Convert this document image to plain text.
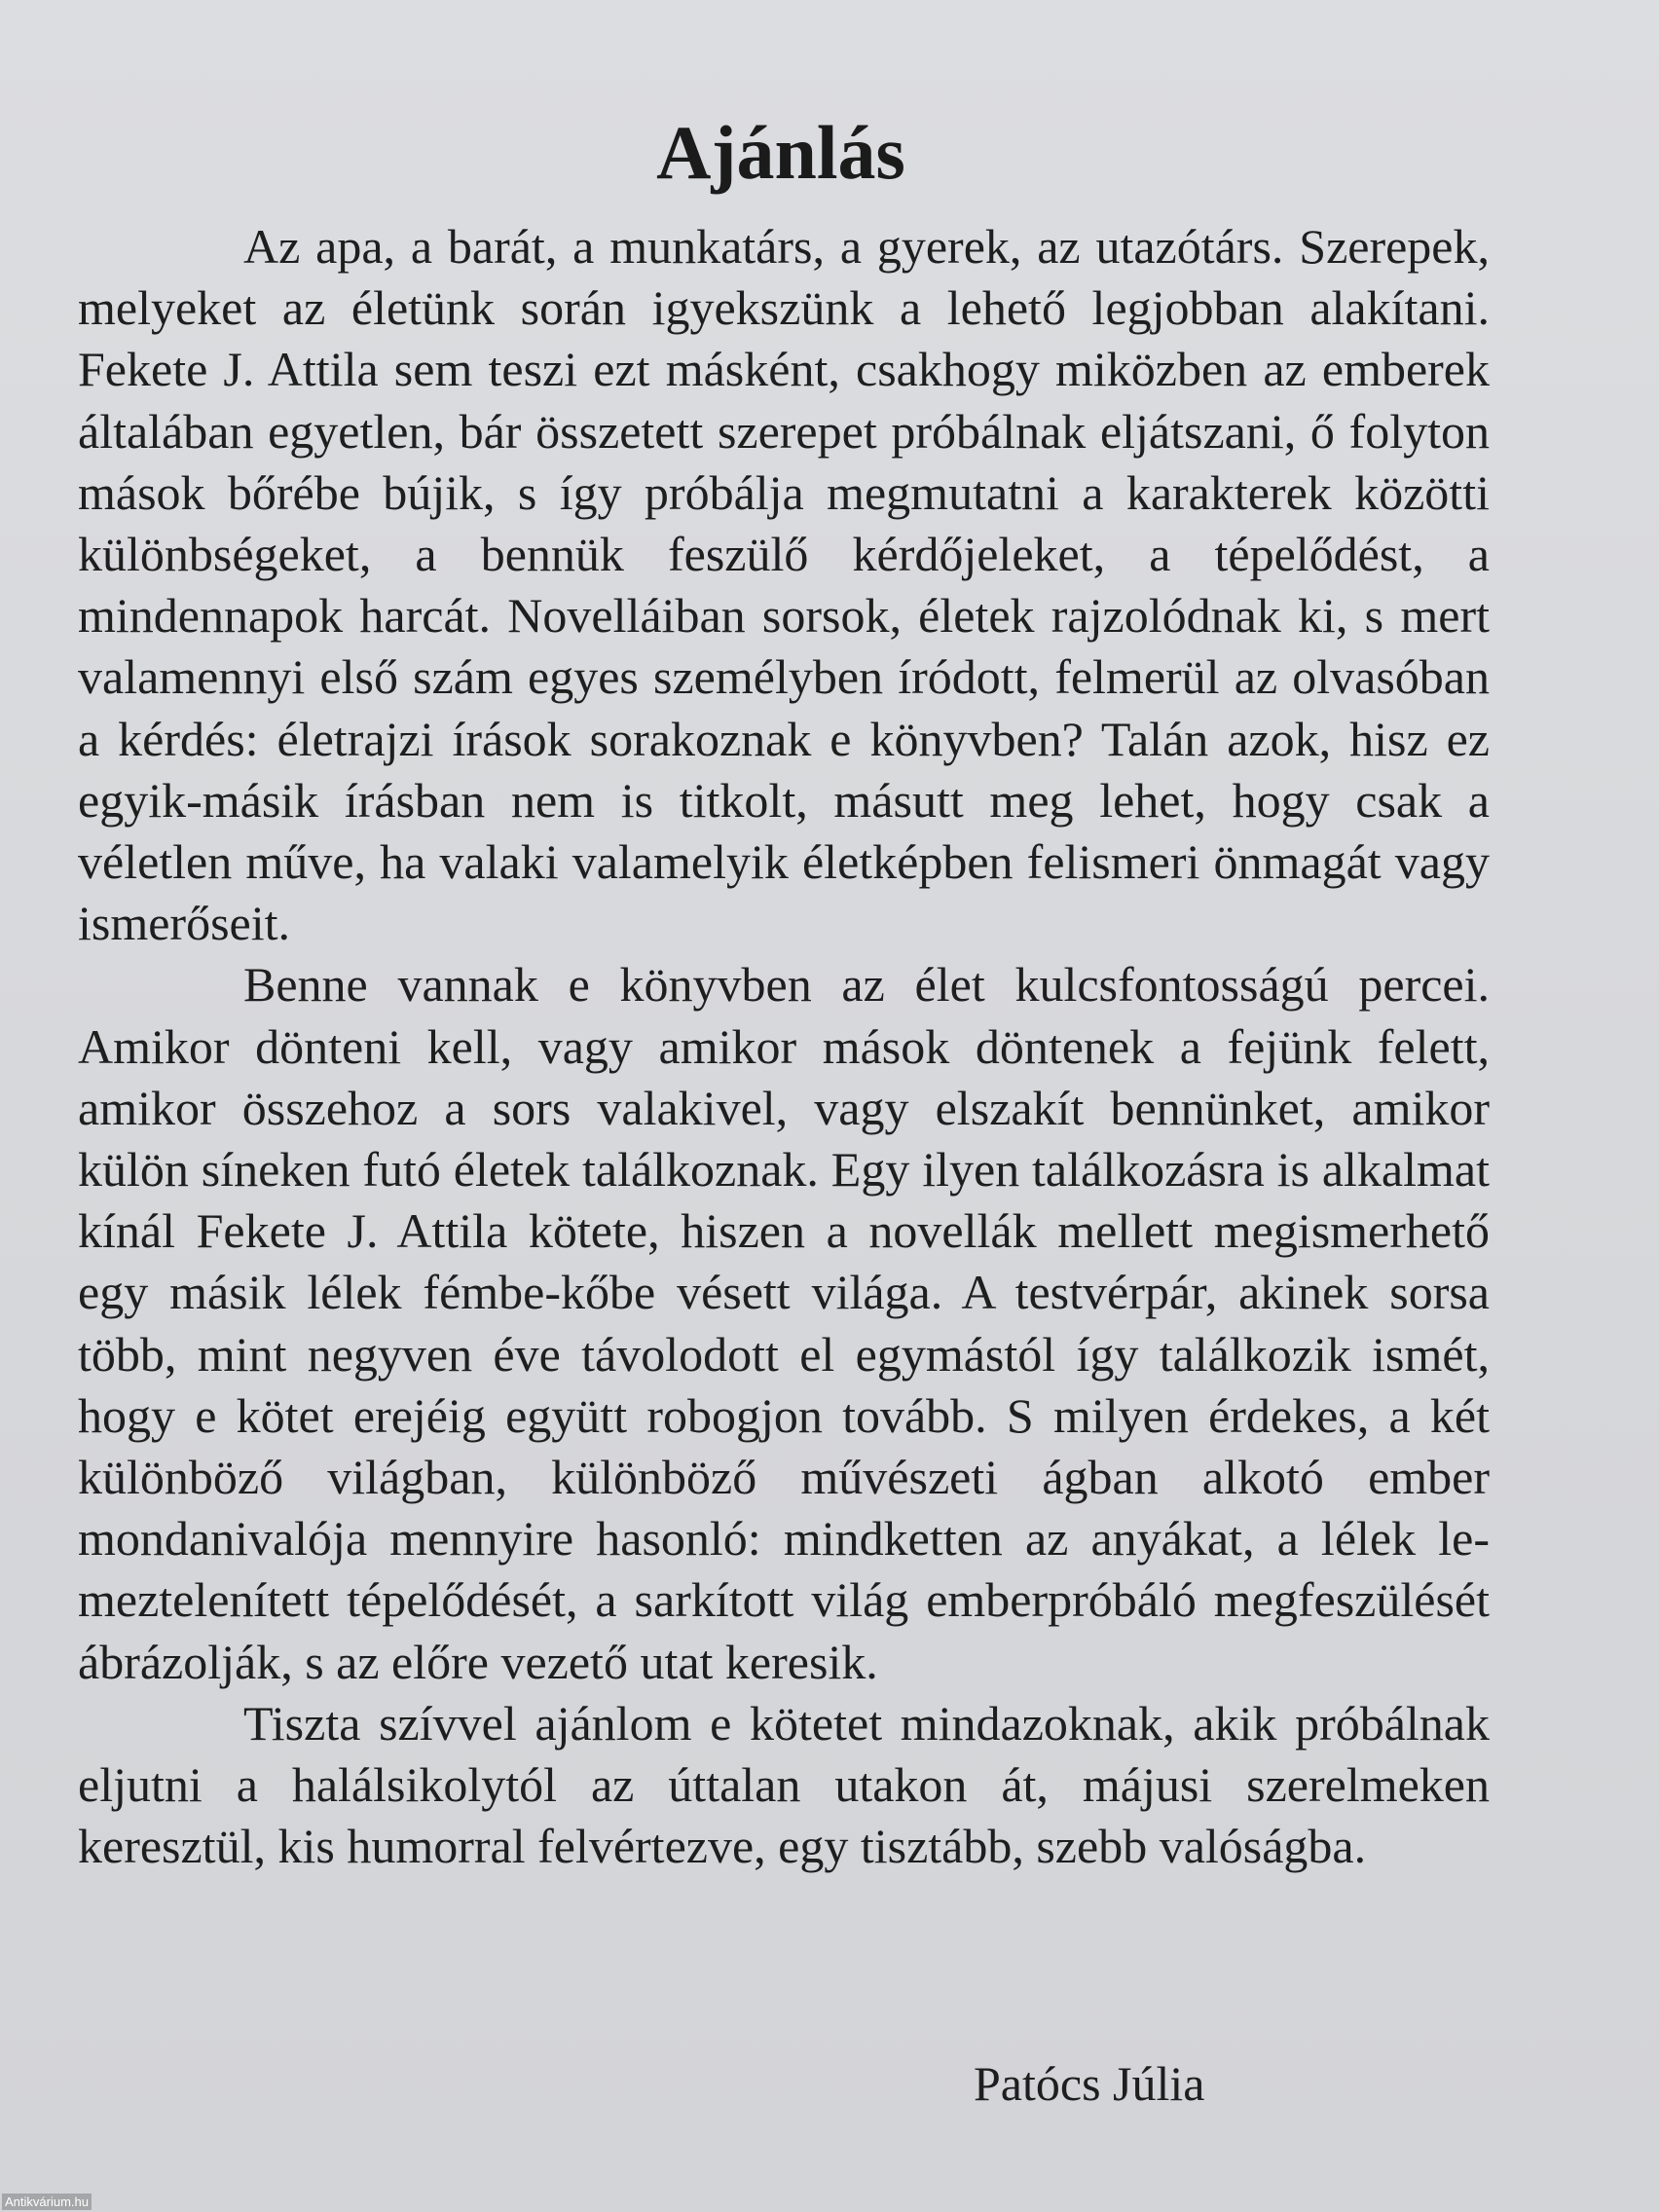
Ajánlás

Az apa, a barát, a munkatárs, a gyerek, az utazótárs. Szerepek, melyeket az életünk során igyekszünk a lehető legjobban alakítani. Fekete J. Attila sem teszi ezt másként, csakhogy miközben az emberek általában egyetlen, bár összetett szerepet próbálnak eljátszani, ő folyton mások bőrébe bújik, s így próbálja megmutatni a karakterek közötti különbségeket, a bennük feszülő kérdőjeleket, a tépelődést, a mindennapok harcát. Novelláiban sorsok, életek rajzolódnak ki, s mert valamennyi első szám egyes személyben íródott, felmerül az olvasóban a kérdés: életrajzi írások sorakoznak e könyvben? Talán azok, hisz ez egyik-másik írásban nem is titkolt, másutt meg lehet, hogy csak a véletlen műve, ha valaki valamelyik életképben felismeri önmagát vagy ismerőseit.

Benne vannak e könyvben az élet kulcsfontosságú percei. Amikor dönteni kell, vagy amikor mások döntenek a fejünk felett, amikor összehoz a sors valakivel, vagy elszakít bennünket, amikor külön síneken futó életek találkoznak. Egy ilyen találkozásra is alkalmat kínál Fekete J. Attila kötete, hiszen a novellák mellett megismerhető egy másik lélek fémbe-kőbe vésett világa. A testvérpár, akinek sorsa több, mint negyven éve távolodott el egymástól így találkozik ismét, hogy e kötet erejéig együtt robogjon tovább. S milyen érdekes, a két különböző világban, különböző művészeti ágban alkotó ember mondanivalója mennyire hasonló: mindketten az anyákat, a lélek lemeztelenített tépelődését, a sarkított világ emberpróbáló megfeszülését ábrázolják, s az előre vezető utat keresik.

Tiszta szívvel ajánlom e kötetet mindazoknak, akik próbálnak eljutni a halálsikolytól az úttalan utakon át, májusi szerelmeken keresztül, kis humorral felvértezve, egy tisztább, szebb valóságba.

Patócs Júlia
Antikvárium.hu
